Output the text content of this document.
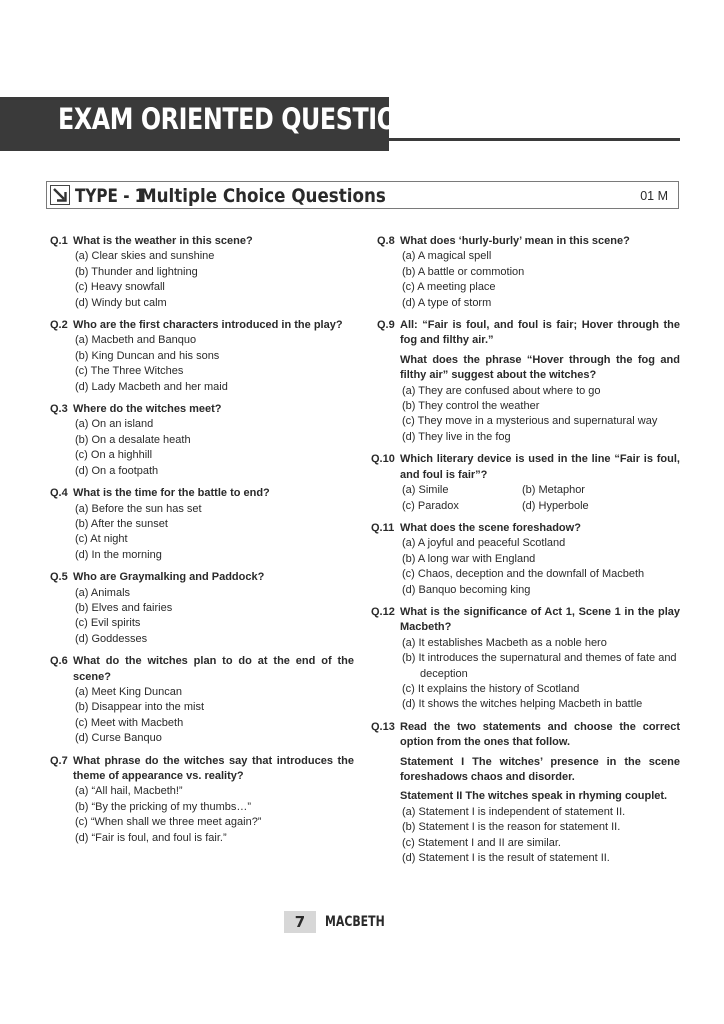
EXAM ORIENTED QUESTIONS
TYPE - 1
Multiple Choice Questions	01 M
Q.1 What is the weather in this scene?
(a) Clear skies and sunshine
(b) Thunder and lightning
(c) Heavy snowfall
(d) Windy but calm
Q.2 Who are the first characters introduced in the play?
(a) Macbeth and Banquo
(b) King Duncan and his sons
(c) The Three Witches
(d) Lady Macbeth and her maid
Q.3 Where do the witches meet?
(a) On an island
(b) On a desalate heath
(c) On a highhill
(d) On a footpath
Q.4 What is the time for the battle to end?
(a) Before the sun has set
(b) After the sunset
(c) At night
(d) In the morning
Q.5 Who are Graymalking and Paddock?
(a) Animals
(b) Elves and fairies
(c) Evil spirits
(d) Goddesses
Q.6 What do the witches plan to do at the end of the scene?
(a) Meet King Duncan
(b) Disappear into the mist
(c) Meet with Macbeth
(d) Curse Banquo
Q.7 What phrase do the witches say that introduces the theme of appearance vs. reality?
(a) “All hail, Macbeth!”
(b) “By the pricking of my thumbs…”
(c) “When shall we three meet again?”
(d) “Fair is foul, and foul is fair.”
Q.8 What does ‘hurly-burly’ mean in this scene?
(a) A magical spell
(b) A battle or commotion
(c) A meeting place
(d) A type of storm
Q.9 All: “Fair is foul, and foul is fair; Hover through the fog and filthy air.”
What does the phrase “Hover through the fog and filthy air” suggest about the witches?
(a) They are confused about where to go
(b) They control the weather
(c) They move in a mysterious and supernatural way
(d) They live in the fog
Q.10 Which literary device is used in the line “Fair is foul, and foul is fair”?
(a) Simile	(b) Metaphor
(c) Paradox	(d) Hyperbole
Q.11 What does the scene foreshadow?
(a) A joyful and peaceful Scotland
(b) A long war with England
(c) Chaos, deception and the downfall of Macbeth
(d) Banquo becoming king
Q.12 What is the significance of Act 1, Scene 1 in the play Macbeth?
(a) It establishes Macbeth as a noble hero
(b) It introduces the supernatural and themes of fate and deception
(c) It explains the history of Scotland
(d) It shows the witches helping Macbeth in battle
Q.13 Read the two statements and choose the correct option from the ones that follow.
Statement I The witches’ presence in the scene foreshadows chaos and disorder.
Statement II The witches speak in rhyming couplet.
(a) Statement I is independent of statement II.
(b) Statement I is the reason for statement II.
(c) Statement I and II are similar.
(d) Statement I is the result of statement II.
7	MACBETH
